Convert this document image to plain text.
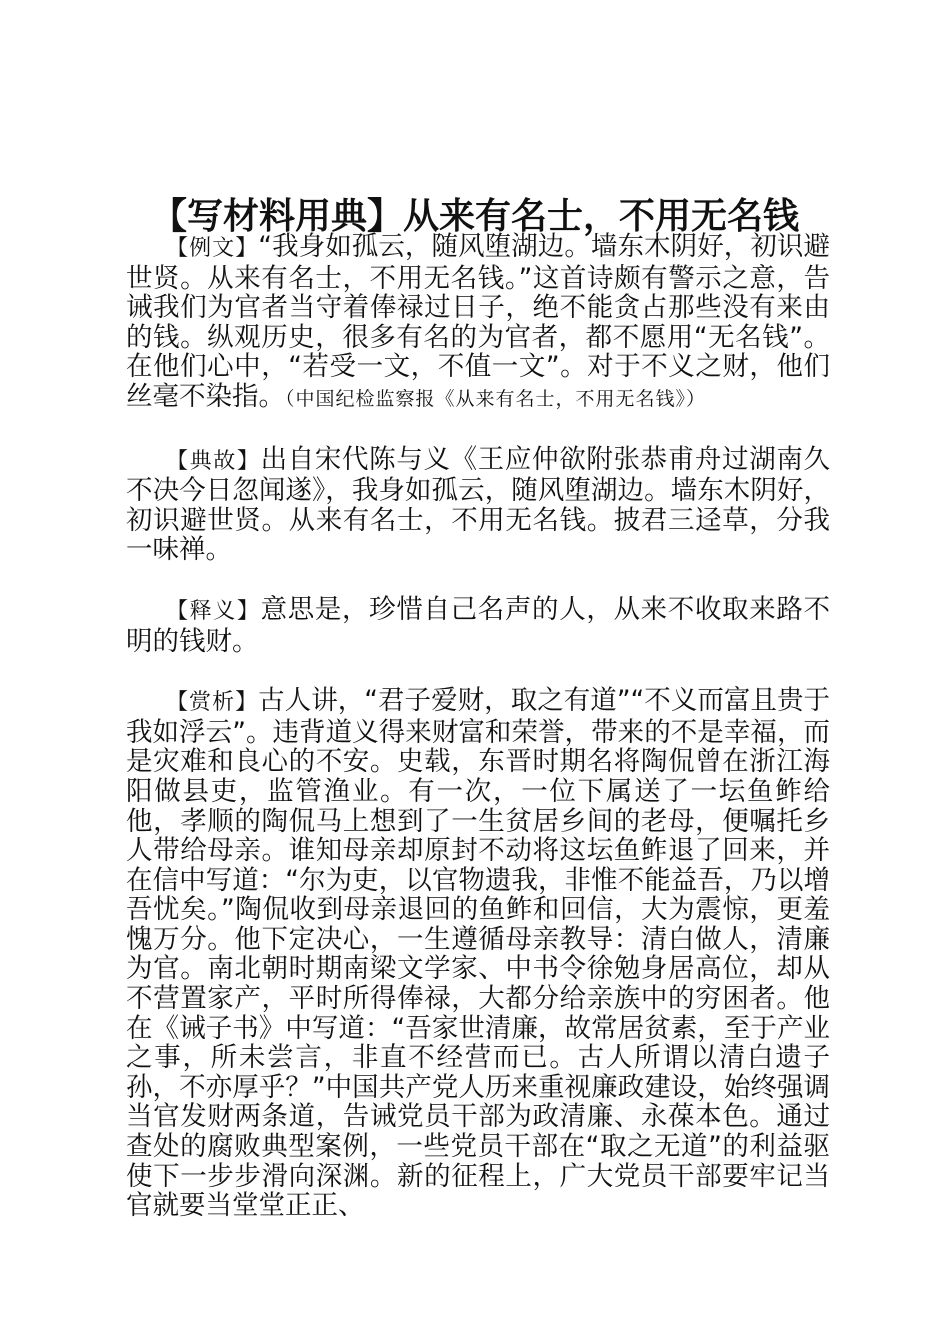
【写材料用典】从来有名士，不用无名钱

【例文】“我身如孤云，随风堕湖边。墙东木阴好，初识避世贤。从来有名士，不用无名钱。”这首诗颇有警示之意，告诫我们为官者当守着俸禄过日子，绝不能贪占那些没有来由的钱。纵观历史，很多有名的为官者，都不愿用“无名钱”。在他们心中，“若受一文，不值一文”。对于不义之财，他们丝毫不染指。（中国纪检监察报《从来有名士，不用无名钱》）

【典故】出自宋代陈与义《王应仲欲附张恭甫舟过湖南久不决今日忽闻遂》，我身如孤云，随风堕湖边。墙东木阴好，初识避世贤。从来有名士，不用无名钱。披君三迳草，分我一味禅。

【释义】意思是，珍惜自己名声的人，从来不收取来路不明的钱财。

【赏析】古人讲，“君子爱财，取之有道”“不义而富且贵于我如浮云”。违背道义得来财富和荣誉，带来的不是幸福，而是灾难和良心的不安。史载，东晋时期名将陶侃曾在浙江海阳做县吏，监管渔业。有一次，一位下属送了一坛鱼鲊给他，孝顺的陶侃马上想到了一生贫居乡间的老母，便嘱托乡人带给母亲。谁知母亲却原封不动将这坛鱼鲊退了回来，并在信中写道：“尔为吏，以官物遗我，非惟不能益吾，乃以增吾忧矣。”陶侃收到母亲退回的鱼鲊和回信，大为震惊，更羞愧万分。他下定决心，一生遵循母亲教导：清白做人，清廉为官。南北朝时期南梁文学家、中书令徐勉身居高位，却从不营置家产，平时所得俸禄，大都分给亲族中的穷困者。他在《诫子书》中写道：“吾家世清廉，故常居贫素，至于产业之事，所未尝言，非直不经营而已。古人所谓以清白遗子孙，不亦厚乎？”中国共产党人历来重视廉政建设，始终强调当官发财两条道，告诫党员干部为政清廉、永葆本色。通过查处的腐败典型案例，一些党员干部在“取之无道”的利益驱使下一步步滑向深渊。新的征程上，广大党员干部要牢记当官就要当堂堂正正、
